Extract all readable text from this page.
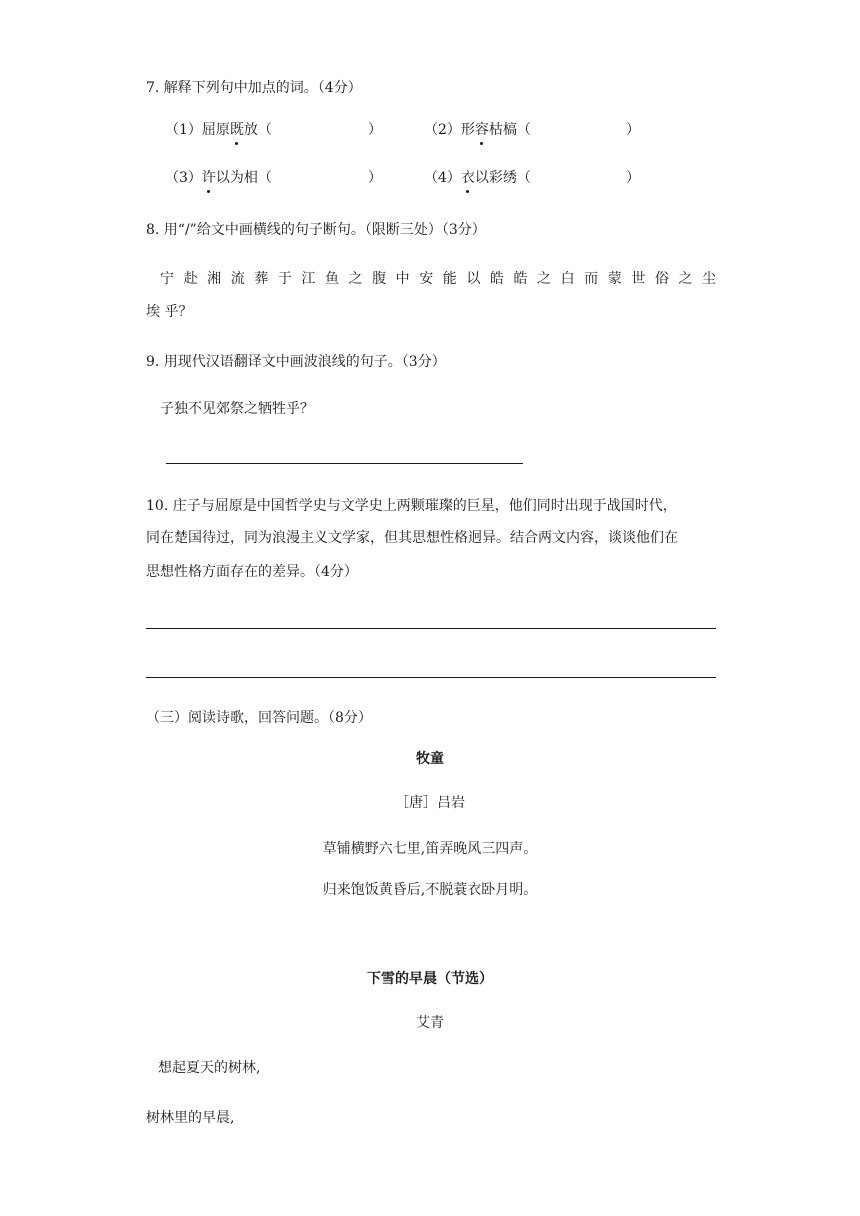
7. 解释下列句中加点的词。（4分）
（1）屈原既放（	）	（2）形容枯槁（	）
（3）许以为相（	）	（4）衣以彩绣（	）
8. 用“/”给文中画横线的句子断句。（限断三处）（3分）
宁 赴 湘 流 葬 于 江 鱼 之 腹 中 安 能 以 皓 皓 之 白 而 蒙 世 俗 之 尘
埃 乎？
9. 用现代汉语翻译文中画波浪线的句子。（3分）
子独不见郊祭之牺牲乎？
10. 庄子与屈原是中国哲学史与文学史上两颗璀璨的巨星，他们同时出现于战国时代，
同在楚国待过，同为浪漫主义文学家，但其思想性格迥异。结合两文内容，谈谈他们在
思想性格方面存在的差异。（4分）
（三）阅读诗歌，回答问题。（8分）
牧童
［唐］吕岩
草铺横野六七里,笛弄晚风三四声。
归来饱饭黄昏后,不脱蓑衣卧月明。
下雪的早晨（节选）
艾青
想起夏天的树林,
树林里的早晨,
